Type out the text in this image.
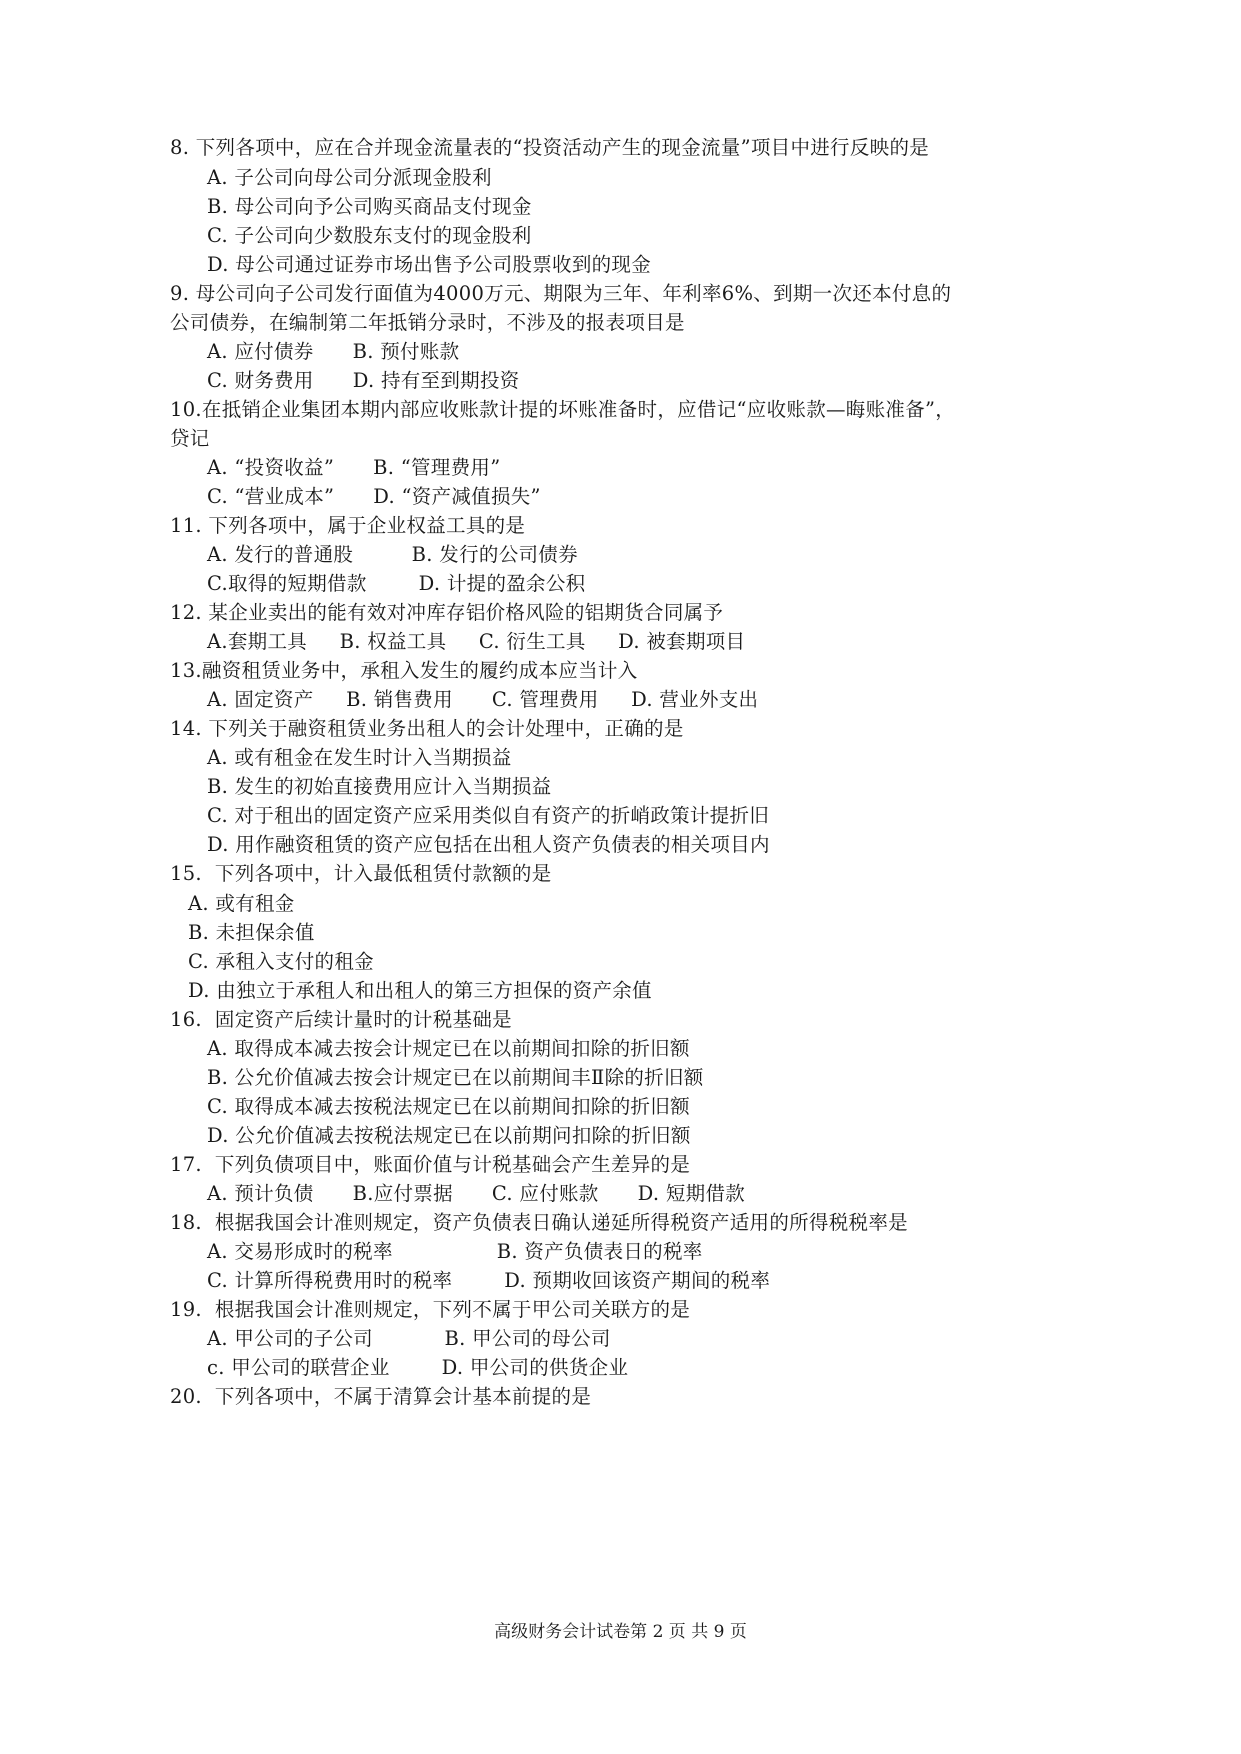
8. 下列各项中，应在合并现金流量表的“投资活动产生的现金流量”项目中进行反映的是
A. 子公司向母公司分派现金股利
B. 母公司向予公司购买商品支付现金
C. 子公司向少数股东支付的现金股利
D. 母公司通过证券市场出售予公司股票收到的现金
9. 母公司向子公司发行面值为4000万元、期限为三年、年利率6%、到期一次还本付息的
公司债券，在编制第二年抵销分录时，不涉及的报表项目是
A. 应付债券      B. 预付账款
C. 财务费用      D. 持有至到期投资
10.在抵销企业集团本期内部应收账款计提的坏账准备时，应借记“应收账款—晦账准备”，
贷记
A. “投资收益”      B. “管理费用”
C. “营业成本”      D. “资产减值损失”
11. 下列各项中，属于企业权益工具的是
A. 发行的普通股         B. 发行的公司债券
C.取得的短期借款        D. 计提的盈余公积
12. 某企业卖出的能有效对冲库存铝价格风险的铝期货合同属予
A.套期工具     B. 权益工具     C. 衍生工具     D. 被套期项目
13.融资租赁业务中，承租入发生的履约成本应当计入
A. 固定资产     B. 销售费用      C. 管理费用     D. 营业外支出
14. 下列关于融资租赁业务出租人的会计处理中，正确的是
A. 或有租金在发生时计入当期损益
B. 发生的初始直接费用应计入当期损益
C. 对于租出的固定资产应采用类似自有资产的折峭政策计提折旧
D. 用作融资租赁的资产应包括在出租人资产负债表的相关项目内
15. 下列各项中，计入最低租赁付款额的是
A. 或有租金
B. 未担保余值
C. 承租入支付的租金
D. 由独立于承租人和出租人的第三方担保的资产余值
16. 固定资产后续计量时的计税基础是
A. 取得成本减去按会计规定已在以前期间扣除的折旧额
B. 公允价值减去按会计规定已在以前期间丰Ⅱ除的折旧额
C. 取得成本减去按税法规定已在以前期间扣除的折旧额
D. 公允价值减去按税法规定已在以前期问扣除的折旧额
17. 下列负债项目中，账面价值与计税基础会产生差异的是
A. 预计负债      B.应付票据      C. 应付账款      D. 短期借款
18. 根据我国会计准则规定，资产负债表日确认递延所得税资产适用的所得税税率是
A. 交易形成时的税率                B. 资产负债表日的税率
C. 计算所得税费用时的税率        D. 预期收回该资产期间的税率
19. 根据我国会计准则规定，下列不属于甲公司关联方的是
A. 甲公司的子公司           B. 甲公司的母公司
c. 甲公司的联营企业        D. 甲公司的供货企业
20. 下列各项中，不属于清算会计基本前提的是
高级财务会计试卷第 2 页 共 9 页
